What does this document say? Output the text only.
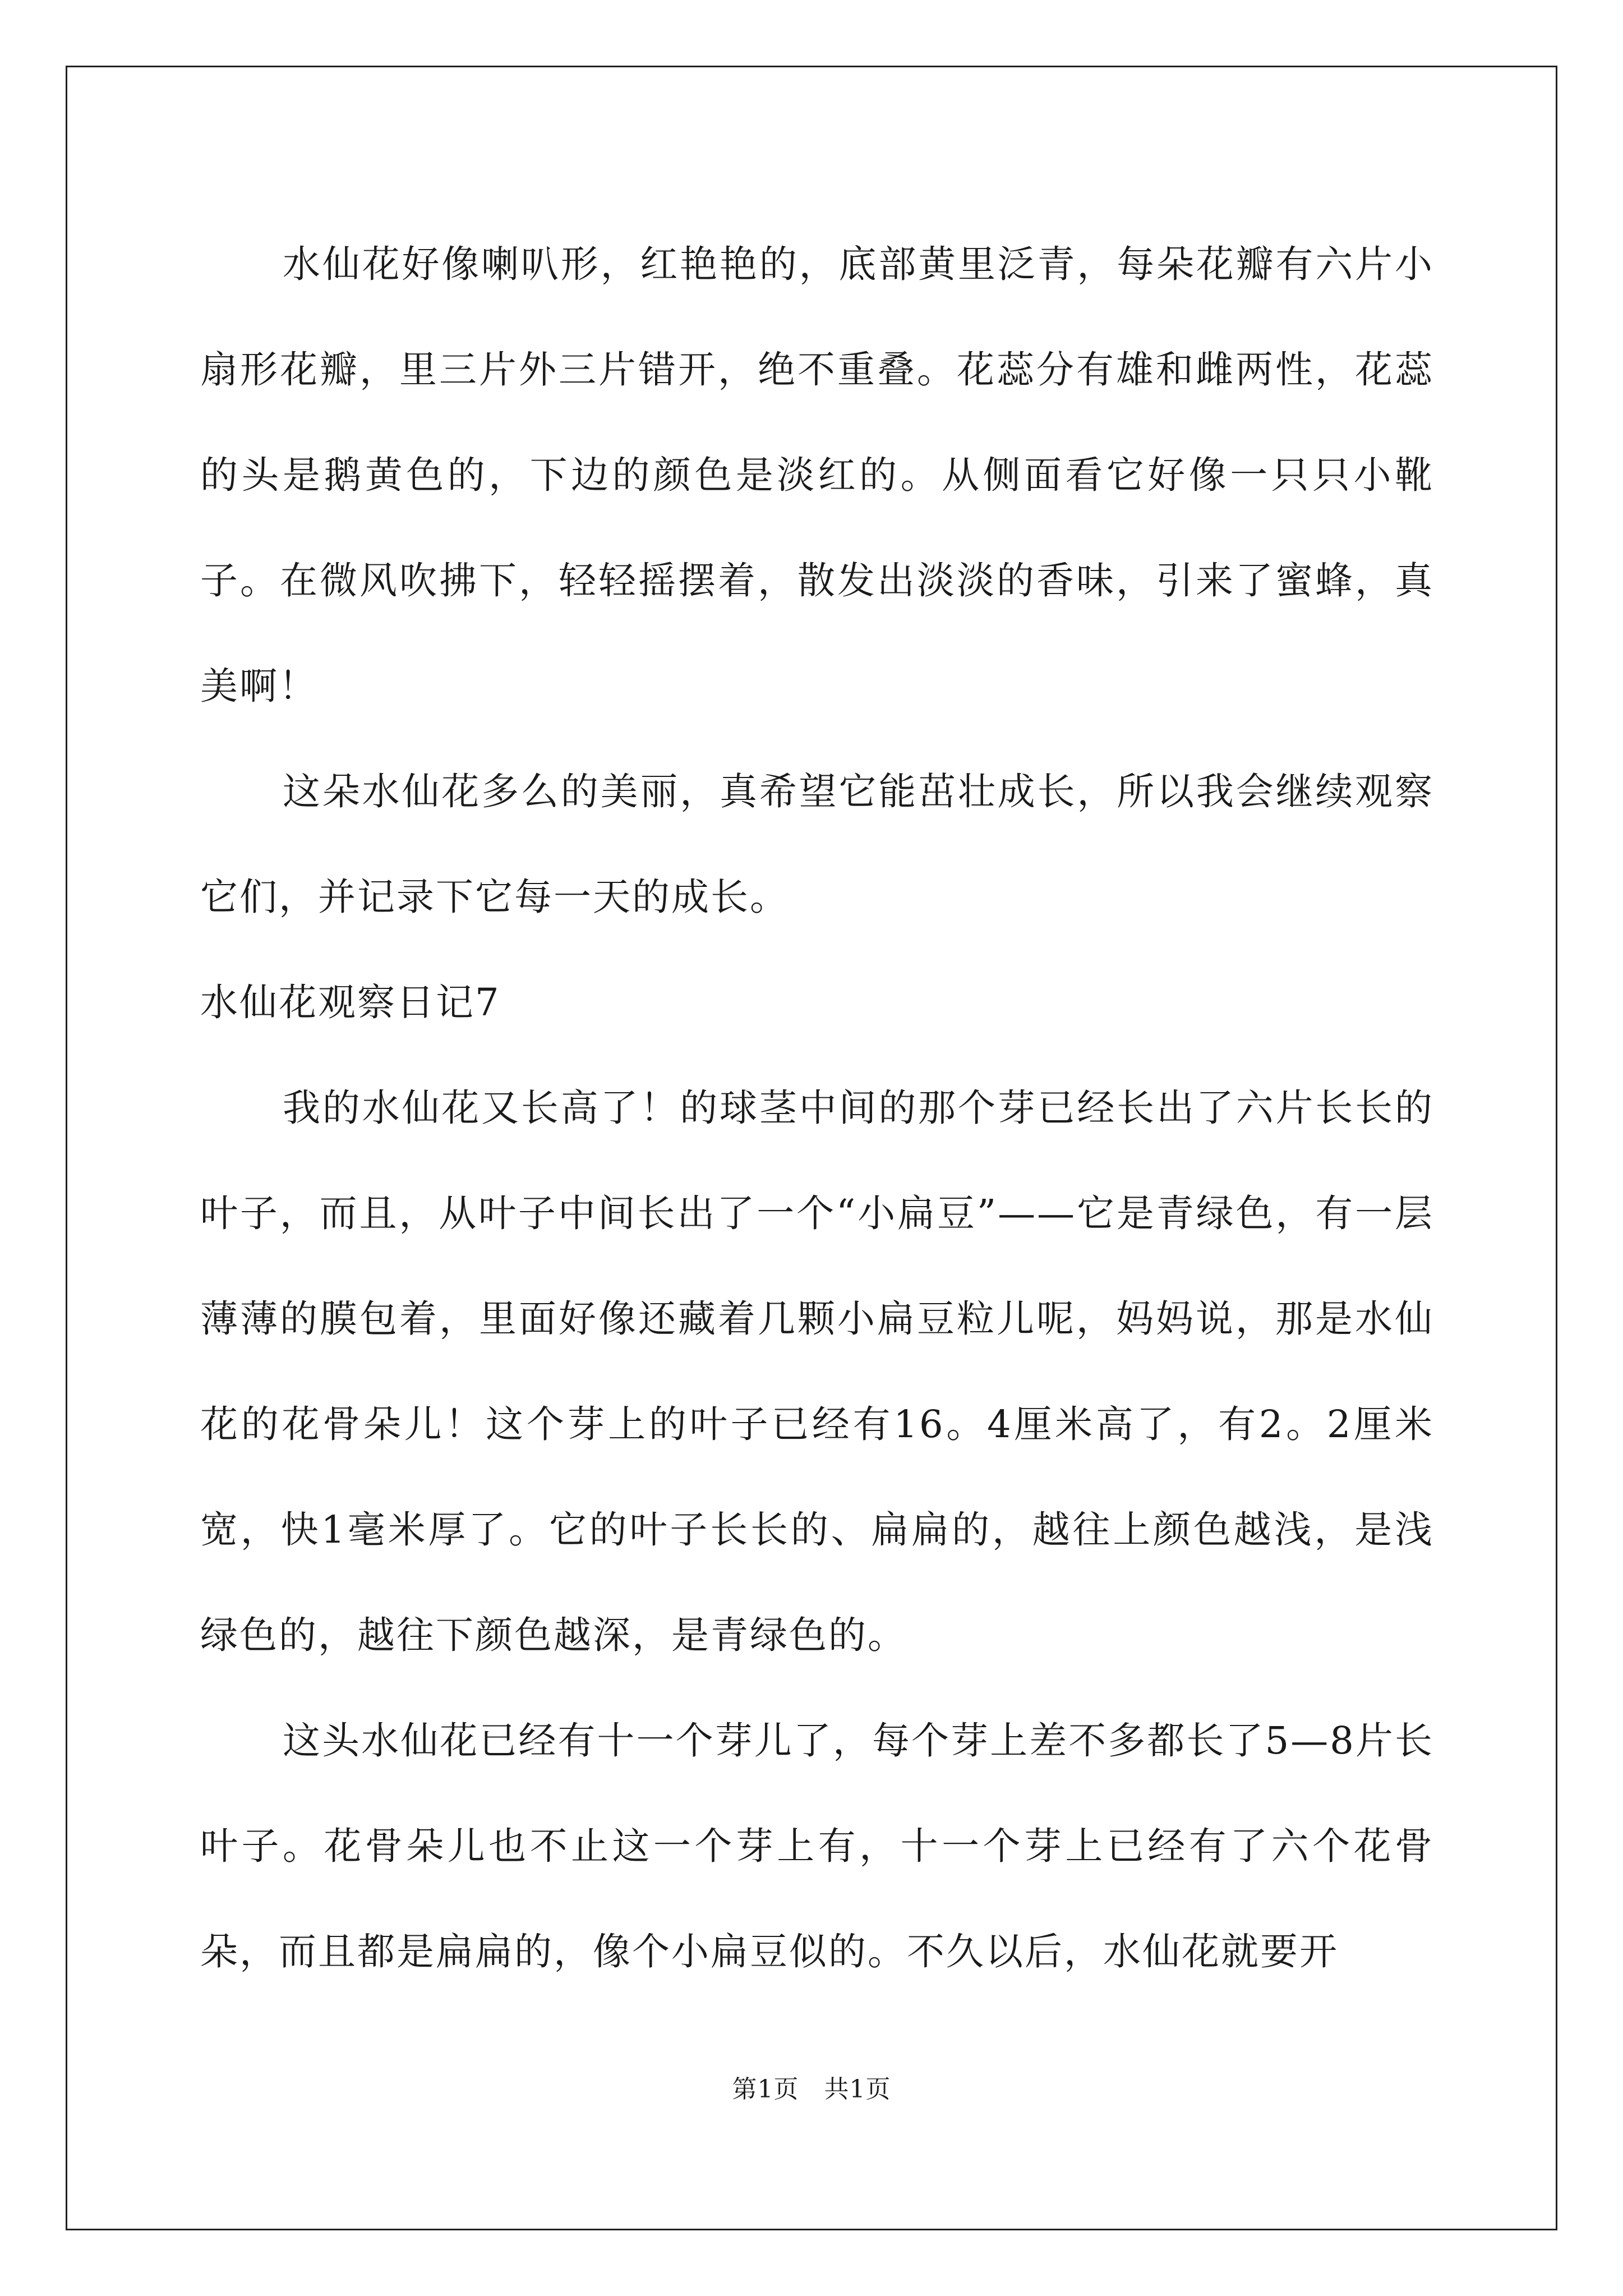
水仙花好像喇叭形，红艳艳的，底部黄里泛青，每朵花瓣有六片小扇形花瓣，里三片外三片错开，绝不重叠。花蕊分有雄和雌两性，花蕊的头是鹅黄色的，下边的颜色是淡红的。从侧面看它好像一只只小靴子。在微风吹拂下，轻轻摇摆着，散发出淡淡的香味，引来了蜜蜂，真美啊！

这朵水仙花多么的美丽，真希望它能茁壮成长，所以我会继续观察它们，并记录下它每一天的成长。

水仙花观察日记7

我的水仙花又长高了！的球茎中间的那个芽已经长出了六片长长的叶子，而且，从叶子中间长出了一个“小扁豆”——它是青绿色，有一层薄薄的膜包着，里面好像还藏着几颗小扁豆粒儿呢，妈妈说，那是水仙花的花骨朵儿！这个芽上的叶子已经有16。4厘米高了，有2。2厘米宽，快1毫米厚了。它的叶子长长的、扁扁的，越往上颜色越浅，是浅绿色的，越往下颜色越深，是青绿色的。

这头水仙花已经有十一个芽儿了，每个芽上差不多都长了5—8片长叶子。花骨朵儿也不止这一个芽上有，十一个芽上已经有了六个花骨朵，而且都是扁扁的，像个小扁豆似的。不久以后，水仙花就要开

第1页 共1页
